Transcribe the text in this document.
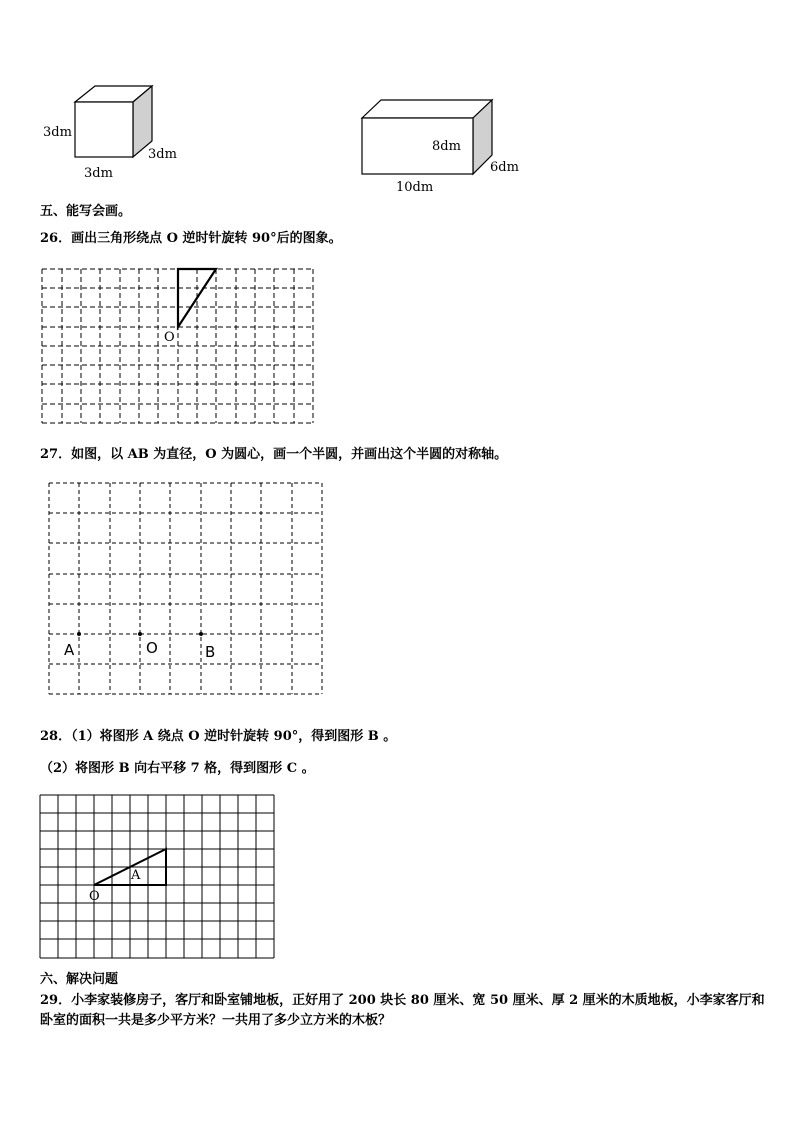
3dm
3dm
3dm
8dm
6dm
10dm
五、能写会画。
26．画出三角形绕点 O 逆时针旋转 90°后的图象。
O
27．如图，以 AB 为直径，O 为圆心，画一个半圆，并画出这个半圆的对称轴。
A	O	B
28．（1）将图形 A 绕点 O 逆时针旋转 90°，得到图形 B 。
（2）将图形 B 向右平移 7 格，得到图形 C 。
A
O
六、解决问题
29．小李家装修房子，客厅和卧室铺地板，正好用了 200 块长 80 厘米、宽 50 厘米、厚 2 厘米的木质地板，小李家客厅和卧室的面积一共是多少平方米？一共用了多少立方米的木板？
